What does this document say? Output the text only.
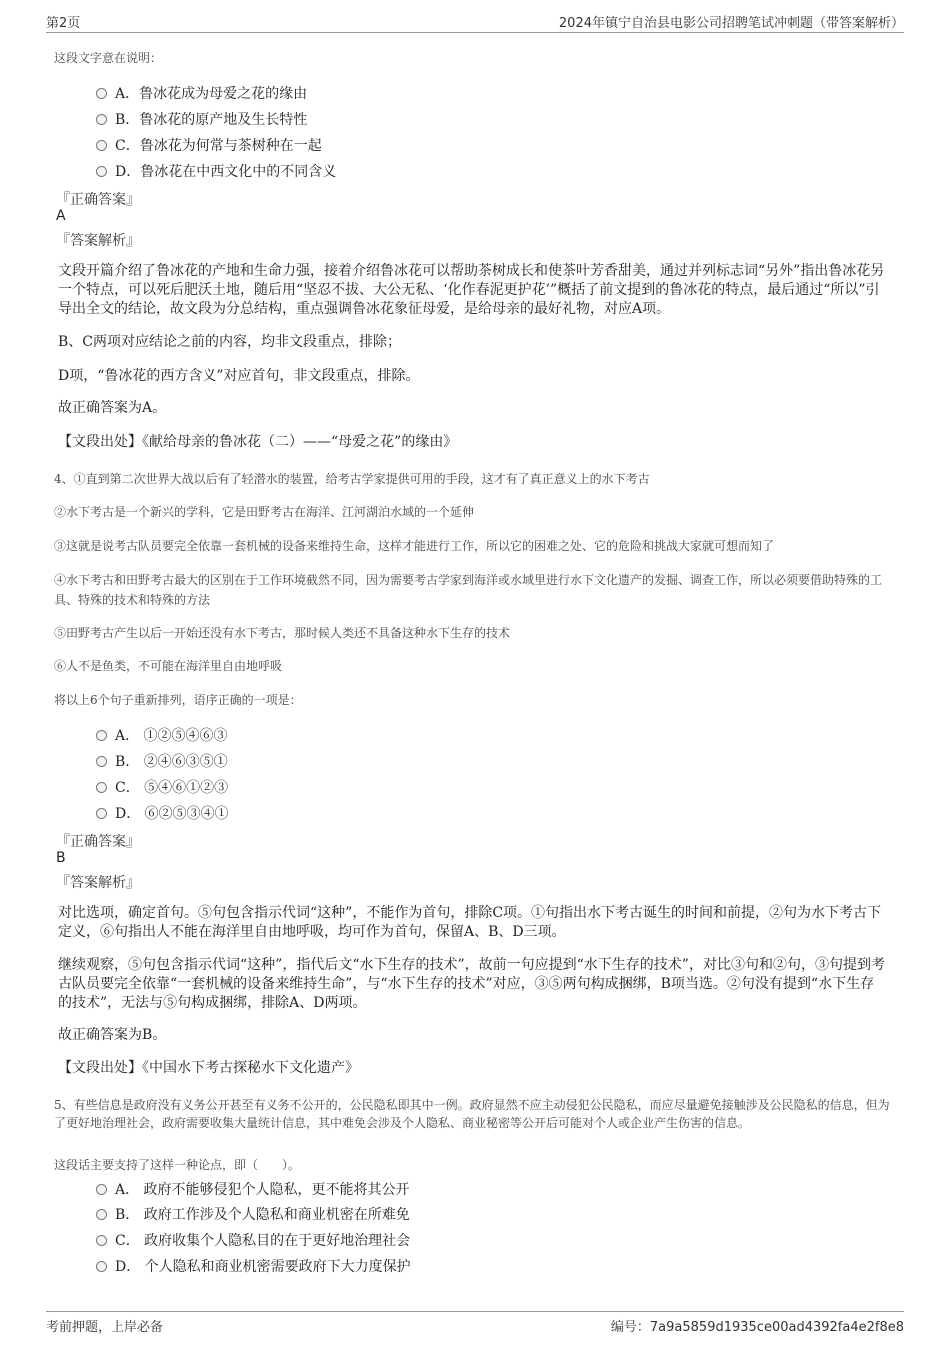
第2页	2024年镇宁自治县电影公司招聘笔试冲刺题（带答案解析）
这段文字意在说明：
A．鲁冰花成为母爱之花的缘由
B．鲁冰花的原产地及生长特性
C．鲁冰花为何常与茶树种在一起
D．鲁冰花在中西文化中的不同含义
『正确答案』
A
『答案解析』
文段开篇介绍了鲁冰花的产地和生命力强，接着介绍鲁冰花可以帮助茶树成长和使茶叶芳香甜美，通过并列标志词“另外”指出鲁冰花另一个特点，可以死后肥沃土地，随后用“坚忍不拔、大公无私、‘化作春泥更护花’”概括了前文提到的鲁冰花的特点，最后通过“所以”引导出全文的结论，故文段为分总结构，重点强调鲁冰花象征母爱，是给母亲的最好礼物，对应A项。
B、C两项对应结论之前的内容，均非文段重点，排除；
D项，“鲁冰花的西方含义”对应首句，非文段重点，排除。
故正确答案为A。
【文段出处】《献给母亲的鲁冰花（二）——“母爱之花”的缘由》
4、①直到第二次世界大战以后有了轻潜水的装置，给考古学家提供可用的手段，这才有了真正意义上的水下考古
②水下考古是一个新兴的学科，它是田野考古在海洋、江河湖泊水域的一个延伸
③这就是说考古队员要完全依靠一套机械的设备来维持生命，这样才能进行工作，所以它的困难之处、它的危险和挑战大家就可想而知了
④水下考古和田野考古最大的区别在于工作环境截然不同，因为需要考古学家到海洋或水域里进行水下文化遗产的发掘、调查工作，所以必须要借助特殊的工具、特殊的技术和特殊的方法
⑤田野考古产生以后一开始还没有水下考古，那时候人类还不具备这种水下生存的技术
⑥人不是鱼类，不可能在海洋里自由地呼吸
将以上6个句子重新排列，语序正确的一项是：
A． ①②⑤④⑥③
B． ②④⑥③⑤①
C． ⑤④⑥①②③
D． ⑥②⑤③④①
『正确答案』
B
『答案解析』
对比选项，确定首句。⑤句包含指示代词“这种”，不能作为首句，排除C项。①句指出水下考古诞生的时间和前提，②句为水下考古下定义，⑥句指出人不能在海洋里自由地呼吸，均可作为首句，保留A、B、D三项。
继续观察，⑤句包含指示代词“这种”，指代后文“水下生存的技术”，故前一句应提到“水下生存的技术”，对比③句和②句，③句提到考古队员要完全依靠“一套机械的设备来维持生命”，与“水下生存的技术”对应，③⑤两句构成捆绑，B项当选。②句没有提到“水下生存的技术”，无法与⑤句构成捆绑，排除A、D两项。
故正确答案为B。
【文段出处】《中国水下考古探秘水下文化遗产》
5、有些信息是政府没有义务公开甚至有义务不公开的，公民隐私即其中一例。政府显然不应主动侵犯公民隐私，而应尽量避免接触涉及公民隐私的信息，但为了更好地治理社会，政府需要收集大量统计信息，其中难免会涉及个人隐私、商业秘密等公开后可能对个人或企业产生伤害的信息。
这段话主要支持了这样一种论点，即（　　）。
A． 政府不能够侵犯个人隐私，更不能将其公开
B． 政府工作涉及个人隐私和商业机密在所难免
C． 政府收集个人隐私目的在于更好地治理社会
D． 个人隐私和商业机密需要政府下大力度保护
考前押题，上岸必备	编号：7a9a5859d1935ce00ad4392fa4e2f8e8
